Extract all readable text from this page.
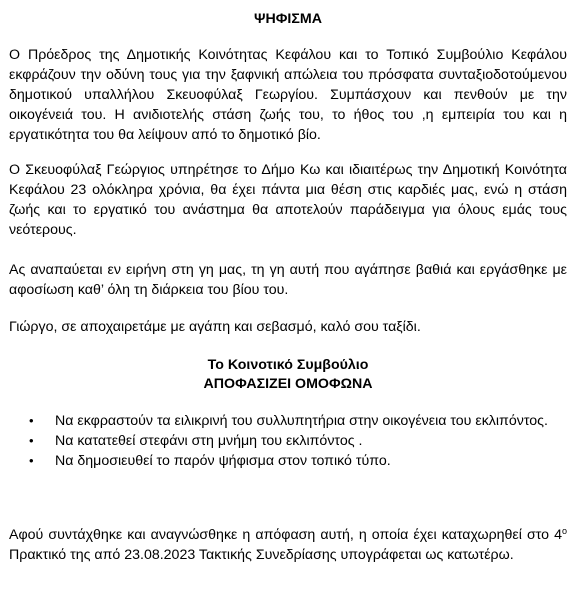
ΨΗΦΙΣΜΑ

Ο Πρόεδρος της Δημοτικής Κοινότητας Κεφάλου και το Τοπικό Συμβούλιο Κεφάλου εκφράζουν την οδύνη τους για την ξαφνική απώλεια του πρόσφατα συνταξιοδοτούμενου δημοτικού υπαλλήλου Σκευοφύλαξ Γεωργίου. Συμπάσχουν και πενθούν με την οικογένειά του. Η ανιδιοτελής στάση ζωής του, το ήθος του ,η εμπειρία του και η εργατικότητα του θα λείψουν από το δημοτικό βίο.

Ο Σκευοφύλαξ Γεώργιος υπηρέτησε το Δήμο Κω και ιδιαιτέρως την Δημοτική Κοινότητα Κεφάλου 23 ολόκληρα χρόνια, θα έχει πάντα μια θέση στις καρδιές μας, ενώ η στάση ζωής και το εργατικό του ανάστημα θα αποτελούν παράδειγμα για όλους εμάς τους νεότερους.

Ας αναπαύεται εν ειρήνη στη γη μας, τη γη αυτή που αγάπησε βαθιά και εργάσθηκε με αφοσίωση καθ’ όλη τη διάρκεια του βίου του.

Γιώργο, σε αποχαιρετάμε με αγάπη και σεβασμό, καλό σου ταξίδι.

Το Κοινοτικό Συμβούλιο
ΑΠΟΦΑΣΙΖΕΙ ΟΜΟΦΩΝΑ
• Να εκφραστούν τα ειλικρινή του συλλυπητήρια στην οικογένεια του εκλιπόντος.
• Να κατατεθεί στεφάνι στη μνήμη του εκλιπόντος .
• Να δημοσιευθεί το παρόν ψήφισμα στον τοπικό τύπο.

Αφού συντάχθηκε και αναγνώσθηκε η απόφαση αυτή, η οποία έχει καταχωρηθεί στο $4^o$ Πρακτικό της από 23.08.2023 Τακτικής Συνεδρίασης υπογράφεται ως κατωτέρω.
